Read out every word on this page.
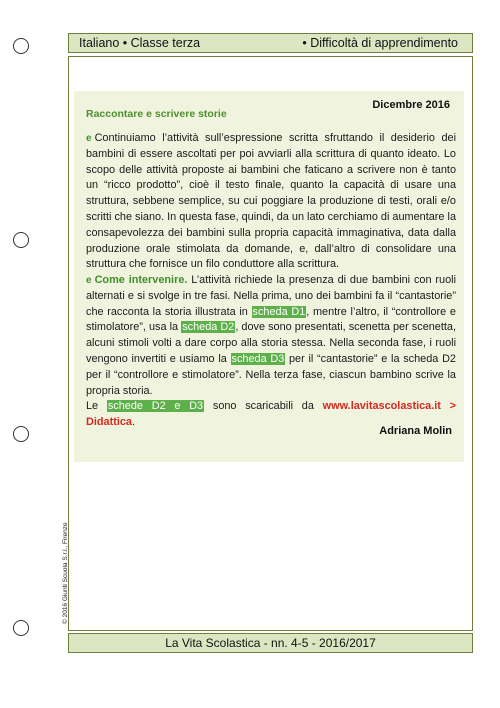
Italiano • Classe terza	• Difficoltà di apprendimento
Dicembre 2016
Raccontare e scrivere storie
e Continuiamo l’attività sull’espressione scritta sfruttando il desiderio dei bambini di essere ascoltati per poi avviarli alla scrittura di quanto ideato. Lo scopo delle attività proposte ai bambini che faticano a scrivere non è tanto un “ricco prodotto”, cioè il testo finale, quanto la capacità di usare una struttura, sebbene semplice, su cui poggiare la produzione di testi, orali e/o scritti che siano. In questa fase, quindi, da un lato cerchiamo di aumentare la consapevolezza dei bambini sulla propria capacità immaginativa, data dalla produzione orale stimolata da domande, e, dall’altro di consolidare una struttura che fornisce un filo conduttore alla scrittura.
e Come intervenire. L’attività richiede la presenza di due bambini con ruoli alternati e si svolge in tre fasi. Nella prima, uno dei bambini fa il “cantastorie” che racconta la storia illustrata in scheda D1, mentre l’altro, il “controllore e stimolatore”, usa la scheda D2, dove sono presentati, scenetta per scenetta, alcuni stimoli volti a dare corpo alla storia stessa. Nella seconda fase, i ruoli vengono invertiti e usiamo la scheda D3 per il “cantastorie” e la scheda D2 per il “controllore e stimolatore”. Nella terza fase, ciascun bambino scrive la propria storia.
Le schede D2 e D3 sono scaricabili da www.lavitascolastica.it > Didattica.
Adriana Molin
© 2016 Giunti Scuola S.r.l., Firenze
La Vita Scolastica - nn. 4-5 - 2016/2017
